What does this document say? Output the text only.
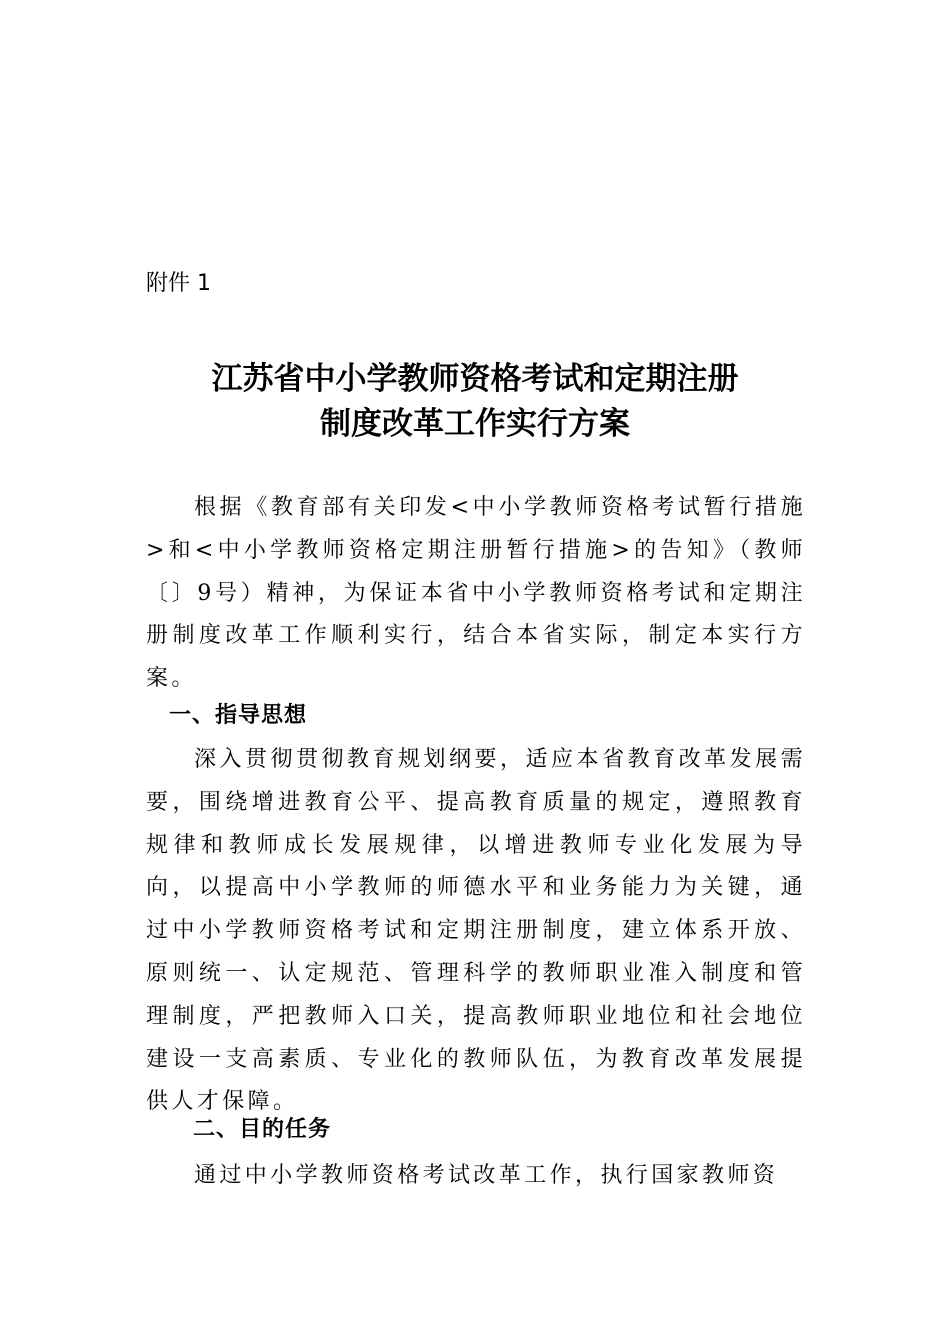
附件 1
江苏省中小学教师资格考试和定期注册
制度改革工作实行方案

根据《教育部有关印发<中小学教师资格考试暂行措施>和<中小学教师资格定期注册暂行措施>的告知》（教师〔〕9号）精神，为保证本省中小学教师资格考试和定期注册制度改革工作顺利实行，结合本省实际，制定本实行方案。

一、指导思想

深入贯彻贯彻教育规划纲要，适应本省教育改革发展需要，围绕增进教育公平、提高教育质量的规定，遵照教育规律和教师成长发展规律，以增进教师专业化发展为导向，以提高中小学教师的师德水平和业务能力为关键，通过中小学教师资格考试和定期注册制度，建立体系开放、原则统一、认定规范、管理科学的教师职业准入制度和管理制度，严把教师入口关，提高教师职业地位和社会地位建设一支高素质、专业化的教师队伍，为教育改革发展提供人才保障。

二、目的任务

通过中小学教师资格考试改革工作，执行国家教师资
